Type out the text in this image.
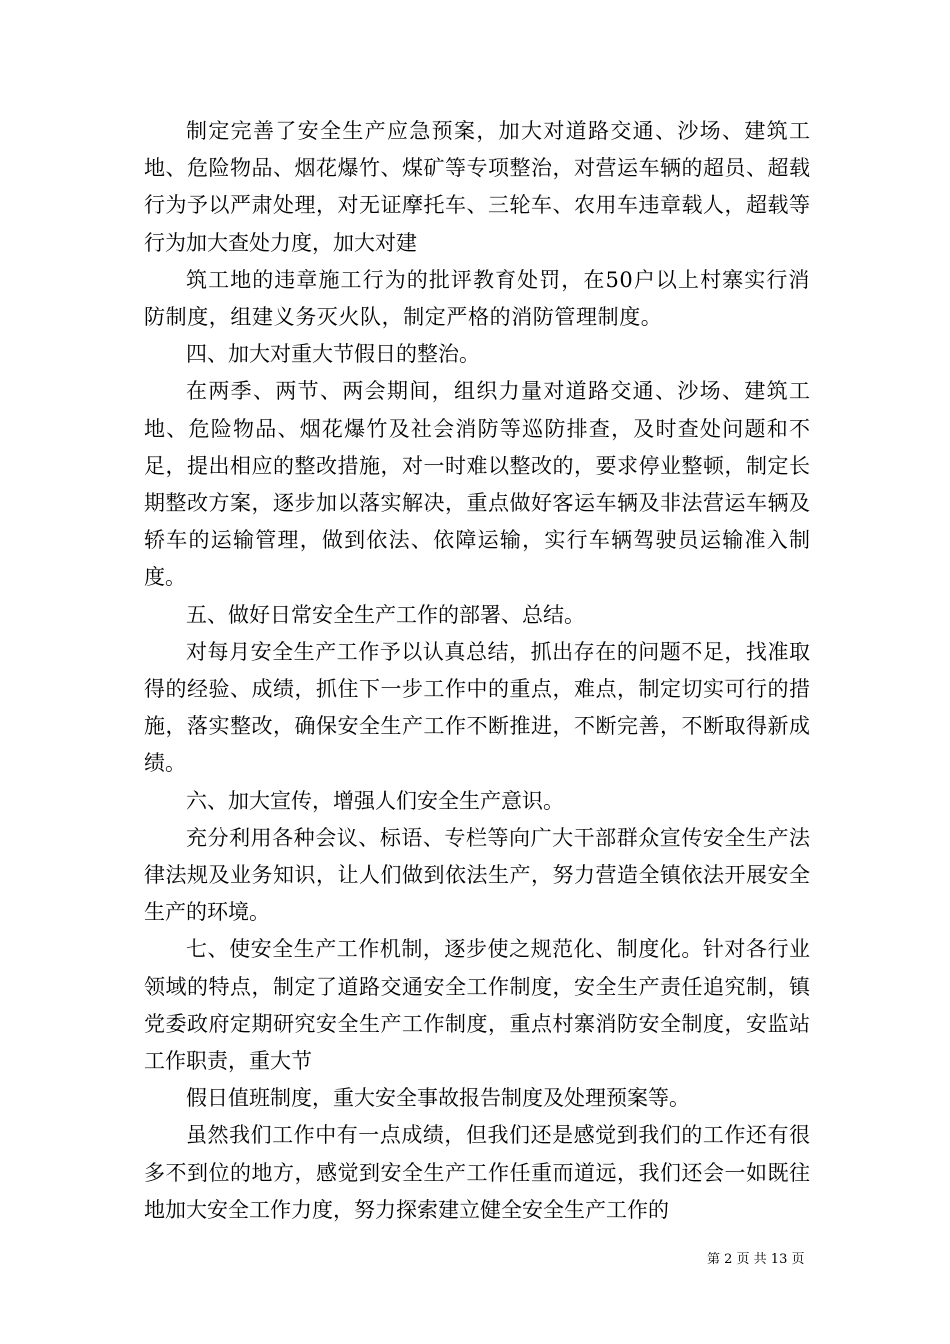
制定完善了安全生产应急预案，加大对道路交通、沙场、建筑工地、危险物品、烟花爆竹、煤矿等专项整治，对营运车辆的超员、超载行为予以严肃处理，对无证摩托车、三轮车、农用车违章载人，超载等行为加大查处力度，加大对建

筑工地的违章施工行为的批评教育处罚，在50户以上村寨实行消防制度，组建义务灭火队，制定严格的消防管理制度。

四、加大对重大节假日的整治。

在两季、两节、两会期间，组织力量对道路交通、沙场、建筑工地、危险物品、烟花爆竹及社会消防等巡防排查，及时查处问题和不足，提出相应的整改措施，对一时难以整改的，要求停业整顿，制定长期整改方案，逐步加以落实解决，重点做好客运车辆及非法营运车辆及轿车的运输管理，做到依法、依障运输，实行车辆驾驶员运输准入制度。

五、做好日常安全生产工作的部署、总结。

对每月安全生产工作予以认真总结，抓出存在的问题不足，找准取得的经验、成绩，抓住下一步工作中的重点，难点，制定切实可行的措施，落实整改，确保安全生产工作不断推进，不断完善，不断取得新成绩。

六、加大宣传，增强人们安全生产意识。

充分利用各种会议、标语、专栏等向广大干部群众宣传安全生产法律法规及业务知识，让人们做到依法生产，努力营造全镇依法开展安全生产的环境。

七、使安全生产工作机制，逐步使之规范化、制度化。针对各行业领域的特点，制定了道路交通安全工作制度，安全生产责任追究制，镇党委政府定期研究安全生产工作制度，重点村寨消防安全制度，安监站工作职责，重大节

假日值班制度，重大安全事故报告制度及处理预案等。

虽然我们工作中有一点成绩，但我们还是感觉到我们的工作还有很多不到位的地方，感觉到安全生产工作任重而道远，我们还会一如既往地加大安全工作力度，努力探索建立健全安全生产工作的

第 2 页 共 13 页
